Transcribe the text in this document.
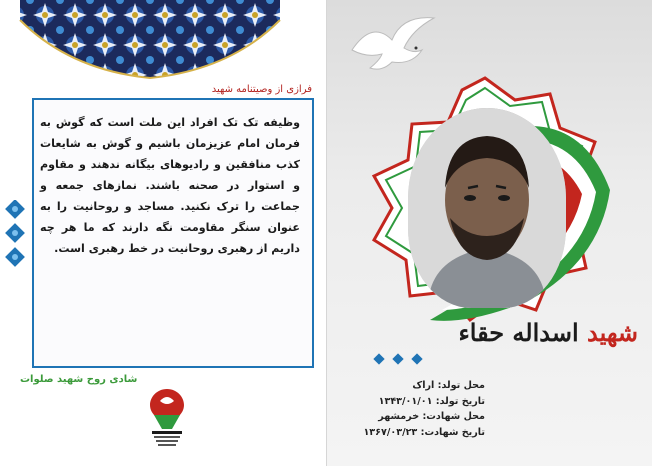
فرازی از وصیتنامه شهید
وظیفه تک تک افراد این ملت است که گوش به فرمان امام عزیزمان باشیم و گوش به شایعات کذب منافقین و رادیوهای بیگانه ندهند و مقاوم و استوار در صحنه باشند. نمازهای جمعه و جماعت را ترک نکنید. مساجد و روحانیت را به عنوان سنگر مقاومت نگه دارند که ما هر چه داریم از رهبری روحانیت در خط رهبری است.
شادی روح شهید صلوات
شهید اسداله حقاء
محل تولد: اراک
تاریخ تولد: ۱۳۴۳/۰۱/۰۱
محل شهادت: خرمشهر
تاریخ شهادت: ۱۳۶۷/۰۳/۲۳
